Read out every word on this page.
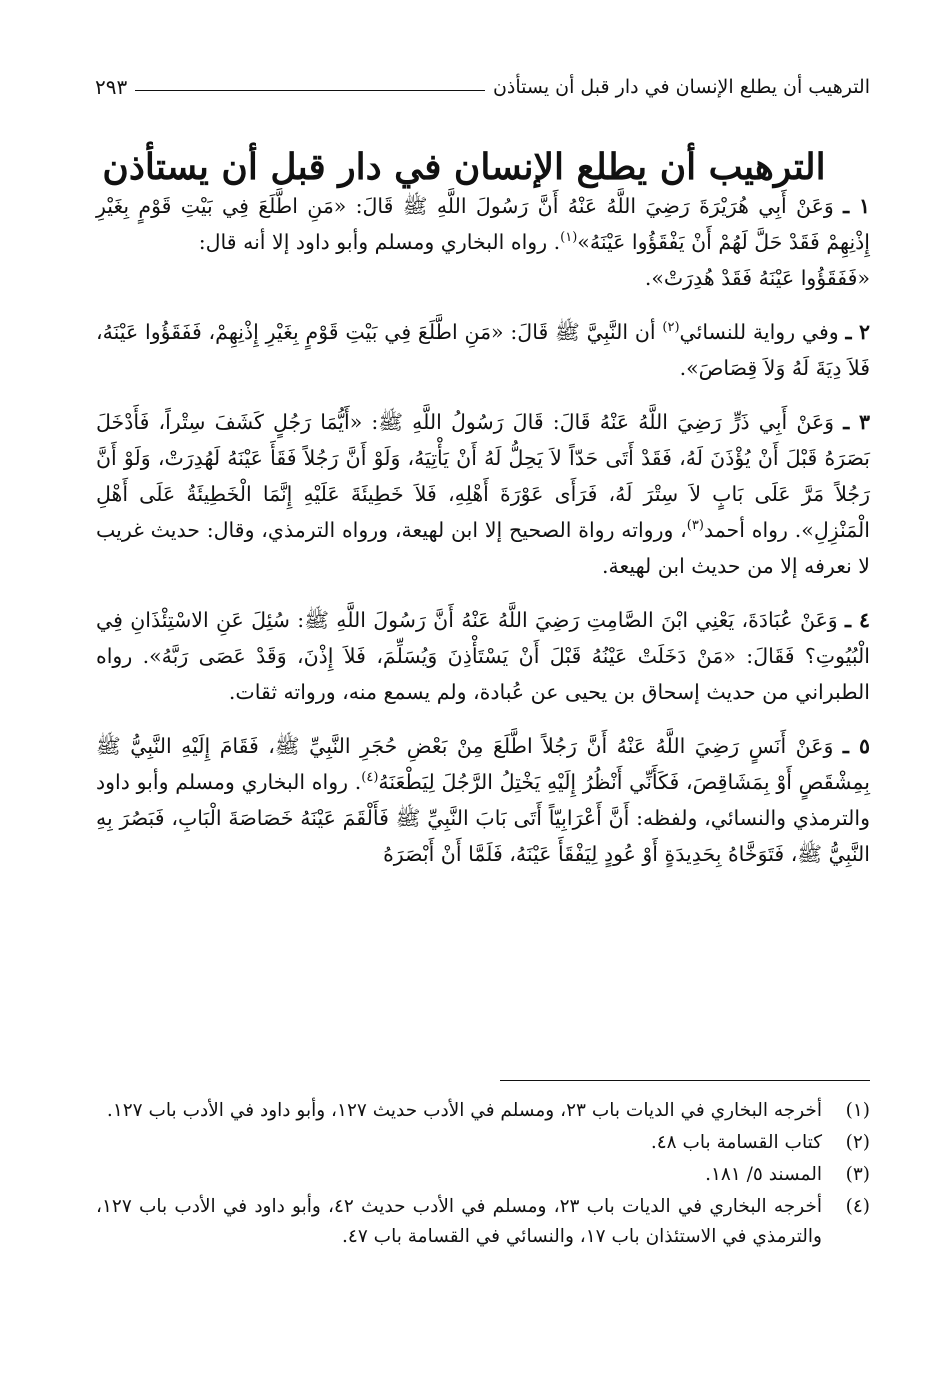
الترهيب أن يطلع الإنسان في دار قبل أن يستأذن
٢٩٣
الترهيب أن يطلع الإنسان في دار قبل أن يستأذن

١ ـ وَعَنْ أَبِي هُرَيْرَةَ رَضِيَ اللَّهُ عَنْهُ أَنَّ رَسُولَ اللَّهِ ﷺ قَالَ: «مَنِ اطَّلَعَ فِي بَيْتِ قَوْمٍ بِغَيْرِ إِذْنِهِمْ فَقَدْ حَلَّ لَهُمْ أَنْ يَفْقَؤُوا عَيْنَهُ»$^{(١)}$. رواه البخاري ومسلم وأبو داود إلا أنه قال:

«فَفَقَؤُوا عَيْنَهُ فَقَدْ هُدِرَتْ».

٢ ـ وفي رواية للنسائي$^{(٢)}$ أن النَّبِيَّ ﷺ قَالَ: «مَنِ اطَّلَعَ فِي بَيْتِ قَوْمٍ بِغَيْرِ إِذْنِهِمْ، فَفَقَؤُوا عَيْنَهُ، فَلاَ دِيَةَ لَهُ وَلاَ قِصَاصَ».

٣ ـ وَعَنْ أَبِي ذَرٍّ رَضِيَ اللَّهُ عَنْهُ قَالَ: قَالَ رَسُولُ اللَّهِ ﷺ: «أَيُّمَا رَجُلٍ كَشَفَ سِتْراً، فَأَدْخَلَ بَصَرَهُ قَبْلَ أَنْ يُؤْذَنَ لَهُ، فَقَدْ أَتَى حَدّاً لاَ يَحِلُّ لَهُ أَنْ يَأْتِيَهُ، وَلَوْ أَنَّ رَجُلاً فَقَأَ عَيْنَهُ لَهُدِرَتْ، وَلَوْ أَنَّ رَجُلاً مَرَّ عَلَى بَابٍ لاَ سِتْرَ لَهُ، فَرَأَى عَوْرَةَ أَهْلِهِ، فَلاَ خَطِيئَةَ عَلَيْهِ إِنَّمَا الْخَطِيئَةُ عَلَى أَهْلِ الْمَنْزِلِ». رواه أحمد$^{(٣)}$، ورواته رواة الصحيح إلا ابن لهيعة، ورواه الترمذي، وقال: حديث غريب لا نعرفه إلا من حديث ابن لهيعة.

٤ ـ وَعَنْ عُبَادَةَ، يَعْنِي ابْنَ الصَّامِتِ رَضِيَ اللَّهُ عَنْهُ أَنَّ رَسُولَ اللَّهِ ﷺ: سُئِلَ عَنِ الاسْتِئْذَانِ فِي الْبُيُوتِ؟ فَقَالَ: «مَنْ دَخَلَتْ عَيْنُهُ قَبْلَ أَنْ يَسْتَأْذِنَ وَيُسَلِّمَ، فَلاَ إِذْنَ، وَقَدْ عَصَى رَبَّهُ». رواه الطبراني من حديث إسحاق بن يحيى عن عُبادة، ولم يسمع منه، ورواته ثقات.

٥ ـ وَعَنْ أَنَسٍ رَضِيَ اللَّهُ عَنْهُ أَنَّ رَجُلاً اطَّلَعَ مِنْ بَعْضِ حُجَرِ النَّبِيِّ ﷺ، فَقَامَ إِلَيْهِ النَّبِيُّ ﷺ بِمِشْقَصٍ أَوْ بِمَشَاقِصَ، فَكَأَنِّي أَنْظُرُ إِلَيْهِ يَخْتِلُ الرَّجُلَ لِيَطْعَنَهُ$^{(٤)}$. رواه البخاري ومسلم وأبو داود والترمذي والنسائي، ولفظه: أَنَّ أَعْرَابِيّاً أَتَى بَابَ النَّبِيِّ ﷺ فَأَلْقَمَ عَيْنَهُ خَصَاصَةَ الْبَابِ، فَبَصُرَ بِهِ النَّبِيُّ ﷺ، فَتَوَخَّاهُ بِحَدِيدَةٍ أَوْ عُودٍ لِيَفْقَأَ عَيْنَهُ، فَلَمَّا أَنْ أَبْصَرَهُ

(١)
أخرجه البخاري في الديات باب ٢٣، ومسلم في الأدب حديث ١٢٧، وأبو داود في الأدب باب ١٢٧.
(٢)
كتاب القسامة باب ٤٨.
(٣)
المسند ٥/ ١٨١.
(٤)
أخرجه البخاري في الديات باب ٢٣، ومسلم في الأدب حديث ٤٢، وأبو داود في الأدب باب ١٢٧، والترمذي في الاستئذان باب ١٧، والنسائي في القسامة باب ٤٧.
